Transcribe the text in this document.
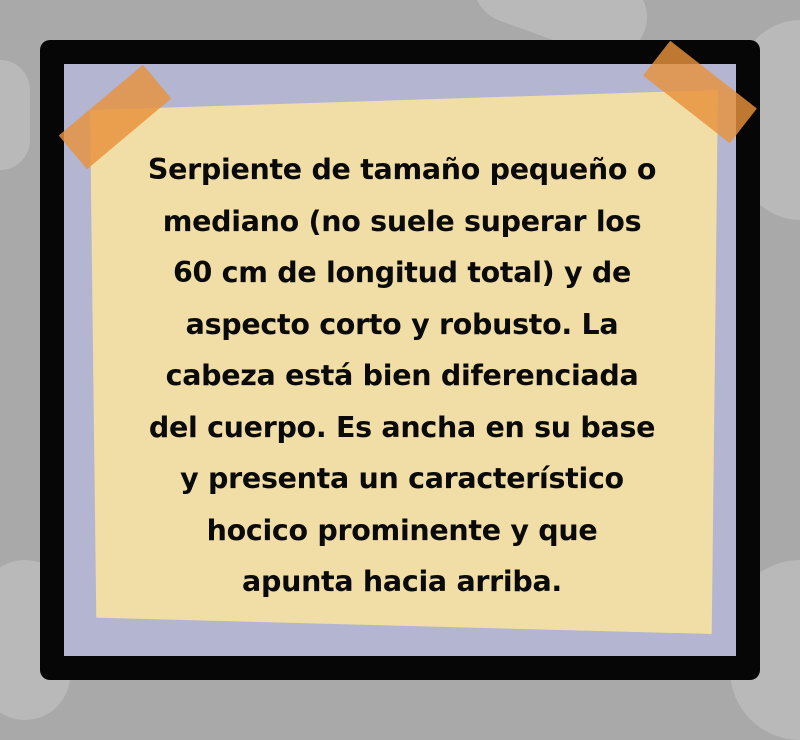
Serpiente de tamaño pequeño o
mediano (no suele superar los
60 cm de longitud total) y de
aspecto corto y robusto. La
cabeza está bien diferenciada
del cuerpo. Es ancha en su base
y presenta un característico
hocico prominente y que
apunta hacia arriba.
